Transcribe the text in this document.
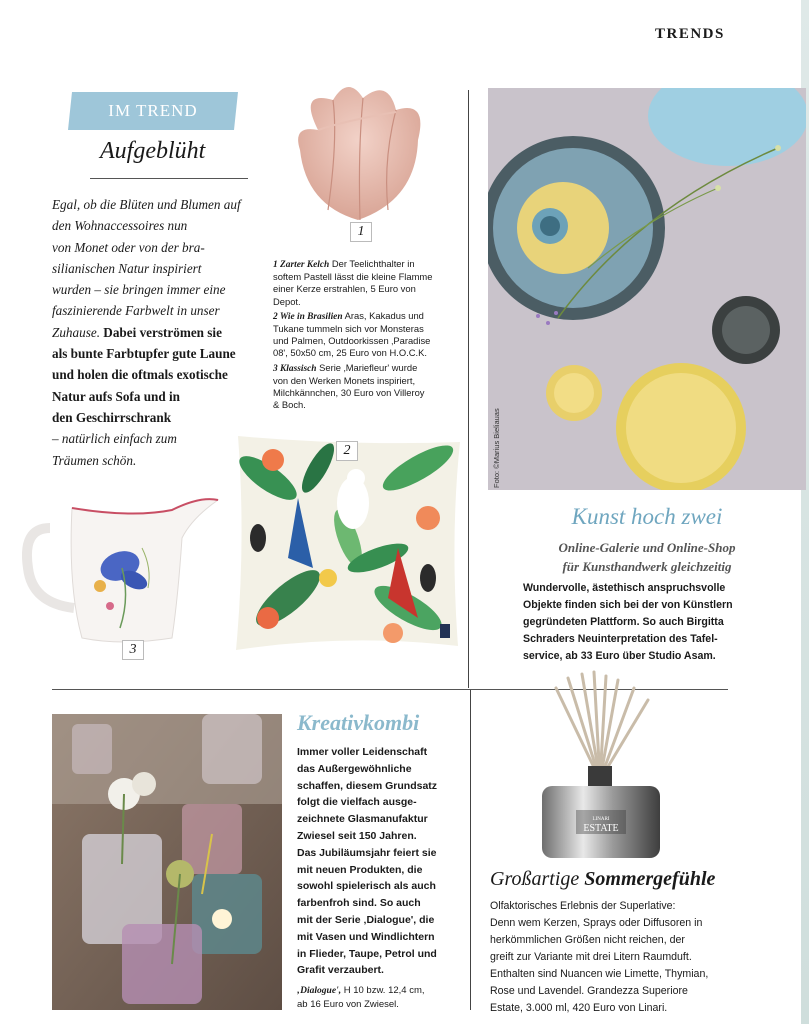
TRENDS
IM TREND
Aufgeblüht
Egal, ob die Blüten und Blumen auf
den Wohnaccessoires nun
von Monet oder von der bra-
silianischen Natur inspiriert
wurden – sie bringen immer eine
faszinierende Farbwelt in unser
Zuhause. Dabei verströmen sie
als bunte Farbtupfer gute Laune
und holen die oftmals exotische
Natur aufs Sofa und in
den Geschirrschrank
– natürlich einfach zum
Träumen schön.
1

1 Zarter Kelch Der Teelichthalter in softem Pastell lässt die kleine Flamme einer Kerze erstrahlen, 5 Euro von Depot.

2 Wie in Brasilien Aras, Kakadus und Tukane tummeln sich vor Monsteras und Palmen, Outdoorkissen ‚Paradise 08', 50x50 cm, 25 Euro von H.O.C.K.

3 Klassisch Serie ‚Mariefleur' wurde von den Werken Monets inspiriert, Milchkännchen, 30 Euro von Villeroy & Boch.

2
3
Foto: ©Marius Bieliauas
Kunst hoch zwei
Online-Galerie und Online-Shop
für Kunsthandwerk gleichzeitig
Wundervolle, ästethisch anspruchsvolle
Objekte finden sich bei der von Künstlern
gegründeten Plattform. So auch Birgitta
Schraders Neuinterpretation des Tafel-
service, ab 33 Euro über Studio Asam.
Kreativkombi
Immer voller Leidenschaft
das Außergewöhnliche
schaffen, diesem Grundsatz
folgt die vielfach ausge-
zeichnete Glasmanufaktur
Zwiesel seit 150 Jahren.
Das Jubiläumsjahr feiert sie
mit neuen Produkten, die
sowohl spielerisch als auch
farbenfroh sind. So auch
mit der Serie ‚Dialogue', die
mit Vasen und Windlichtern
in Flieder, Taupe, Petrol und
Grafit verzaubert.
‚Dialogue', H 10 bzw. 12,4 cm,
ab 16 Euro von Zwiesel.
LINARI
ESTATE
Großartige Sommergefühle
Olfaktorisches Erlebnis der Superlative:
Denn wem Kerzen, Sprays oder Diffusoren in
herkömmlichen Größen nicht reichen, der
greift zur Variante mit drei Litern Raumduft.
Enthalten sind Nuancen wie Limette, Thymian,
Rose und Lavendel. Grandezza Superiore
Estate, 3.000 ml, 420 Euro von Linari.
